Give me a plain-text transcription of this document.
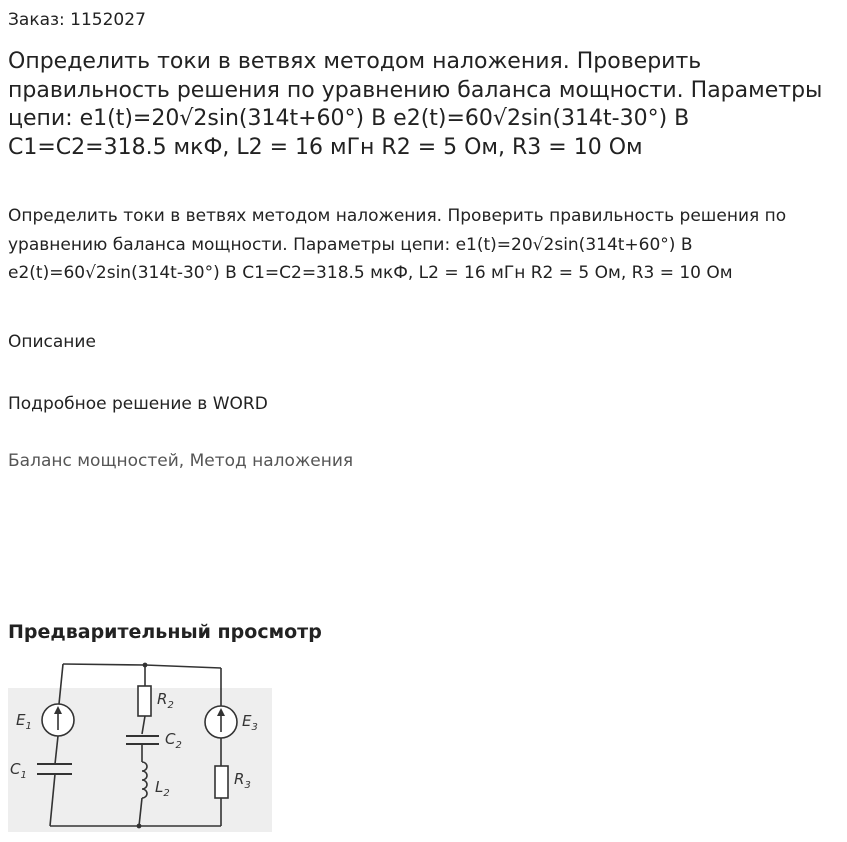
Заказ: 1152027
Определить токи в ветвях методом наложения. Проверить правильность решения по уравнению баланса мощности. Параметры цепи: e1(t)=20√2sin(314t+60°) В e2(t)=60√2sin(314t-30°) В C1=C2=318.5 мкФ, L2 = 16 мГн R2 = 5 Ом, R3 = 10 Ом
Определить токи в ветвях методом наложения. Проверить правильность решения по уравнению баланса мощности. Параметры цепи: e1(t)=20√2sin(314t+60°) В e2(t)=60√2sin(314t-30°) В C1=C2=318.5 мкФ, L2 = 16 мГн R2 = 5 Ом, R3 = 10 Ом
Описание
Подробное решение в WORD
Баланс мощностей, Метод наложения
Предварительный просмотр
$E_1$
$C_1$
$R_2$
$C_2$
$L_2$
$E_3$
$R_3$
